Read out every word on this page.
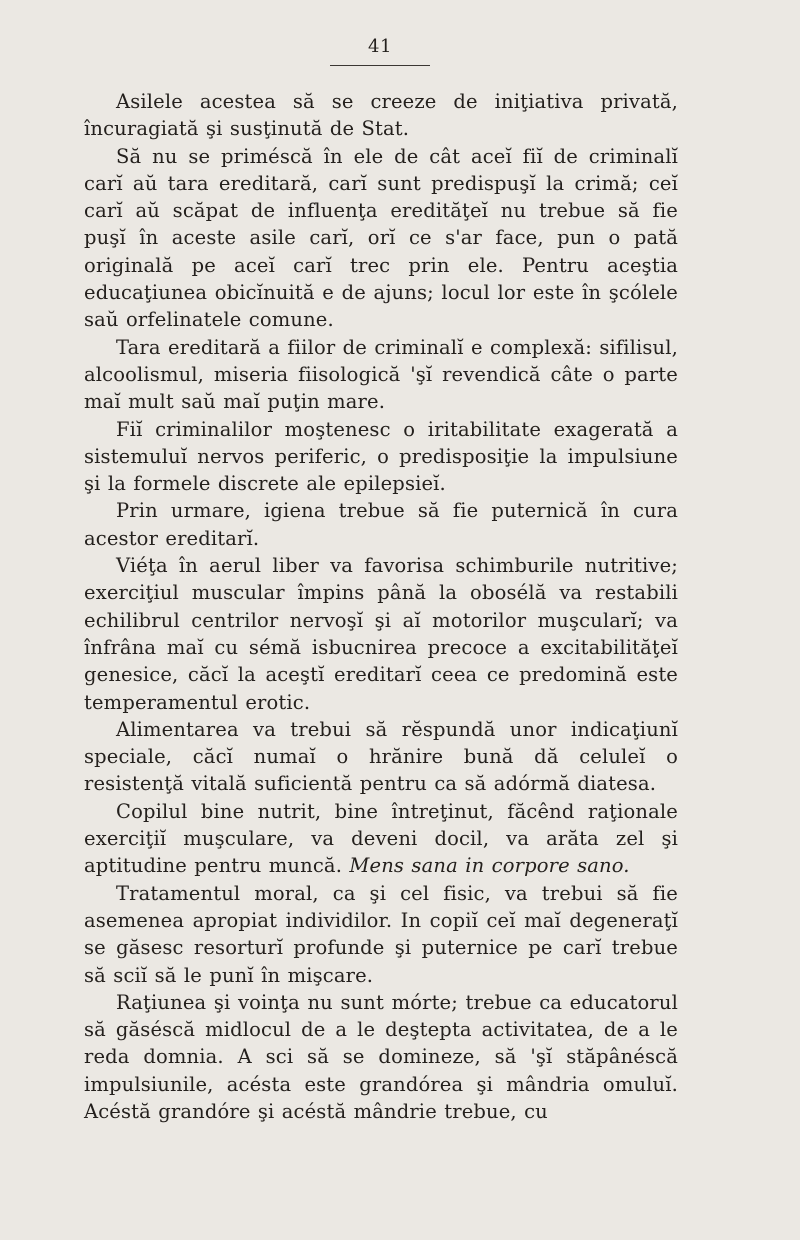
41

Asilele acestea să se creeze de iniţiativa privată, încuragiată şi susţinută de Stat.

Să nu se priméscă în ele de cât aceĭ fiĭ de criminalĭ carĭ aŭ tara ereditară, carĭ sunt predispuşĭ la crimă; ceĭ carĭ aŭ scăpat de influenţa eredităţeĭ nu trebue să fie puşĭ în aceste asile carĭ, orĭ ce s'ar face, pun o pată originală pe aceĭ carĭ trec prin ele. Pentru aceştia educaţiunea obicĭnuită e de ajuns; locul lor este în şcólele saŭ orfelinatele comune.

Tara ereditară a fiilor de criminalĭ e complexă: sifilisul, alcoolismul, miseria fiisologică 'şĭ revendică câte o parte maĭ mult saŭ maĭ puţin mare.

Fiĭ criminalilor moştenesc o iritabilitate exagerată a sistemuluĭ nervos periferic, o predisposiţie la impulsiune şi la formele discrete ale epilepsieĭ.

Prin urmare, igiena trebue să fie puternică în cura acestor ereditarĭ.

Viéţa în aerul liber va favorisa schimburile nutritive; exerciţiul muscular împins până la obosélă va restabili echilibrul centrilor nervoşĭ şi aĭ motorilor muşcularĭ; va înfrâna maĭ cu sémă isbucnirea precoce a excitabilităţeĭ genesice, căcĭ la aceştĭ ereditarĭ ceea ce predomină este temperamentul erotic.

Alimentarea va trebui să rĕspundă unor indicaţiunĭ speciale, căcĭ numaĭ o hrănire bună dă celuleĭ o resistenţă vitală suficientă pentru ca să adórmă diatesa.

Copilul bine nutrit, bine întreţinut, făcênd raţionale exerciţiĭ muşculare, va deveni docil, va arăta zel şi aptitudine pentru muncă. Mens sana in corpore sano.

Tratamentul moral, ca şi cel fisic, va trebui să fie asemenea apropiat individilor. In copiĭ ceĭ maĭ degeneraţĭ se găsesc resorturĭ profunde şi puternice pe carĭ trebue să sciĭ să le punĭ în mişcare.

Raţiunea şi voinţa nu sunt mórte; trebue ca educatorul să găséscă midlocul de a le deştepta activitatea, de a le reda domnia. A sci să se domineze, să 'şĭ stăpânéscă impulsiunile, acésta este grandórea şi mândria omuluĭ. Acéstă grandóre şi acéstă mândrie trebue, cu
